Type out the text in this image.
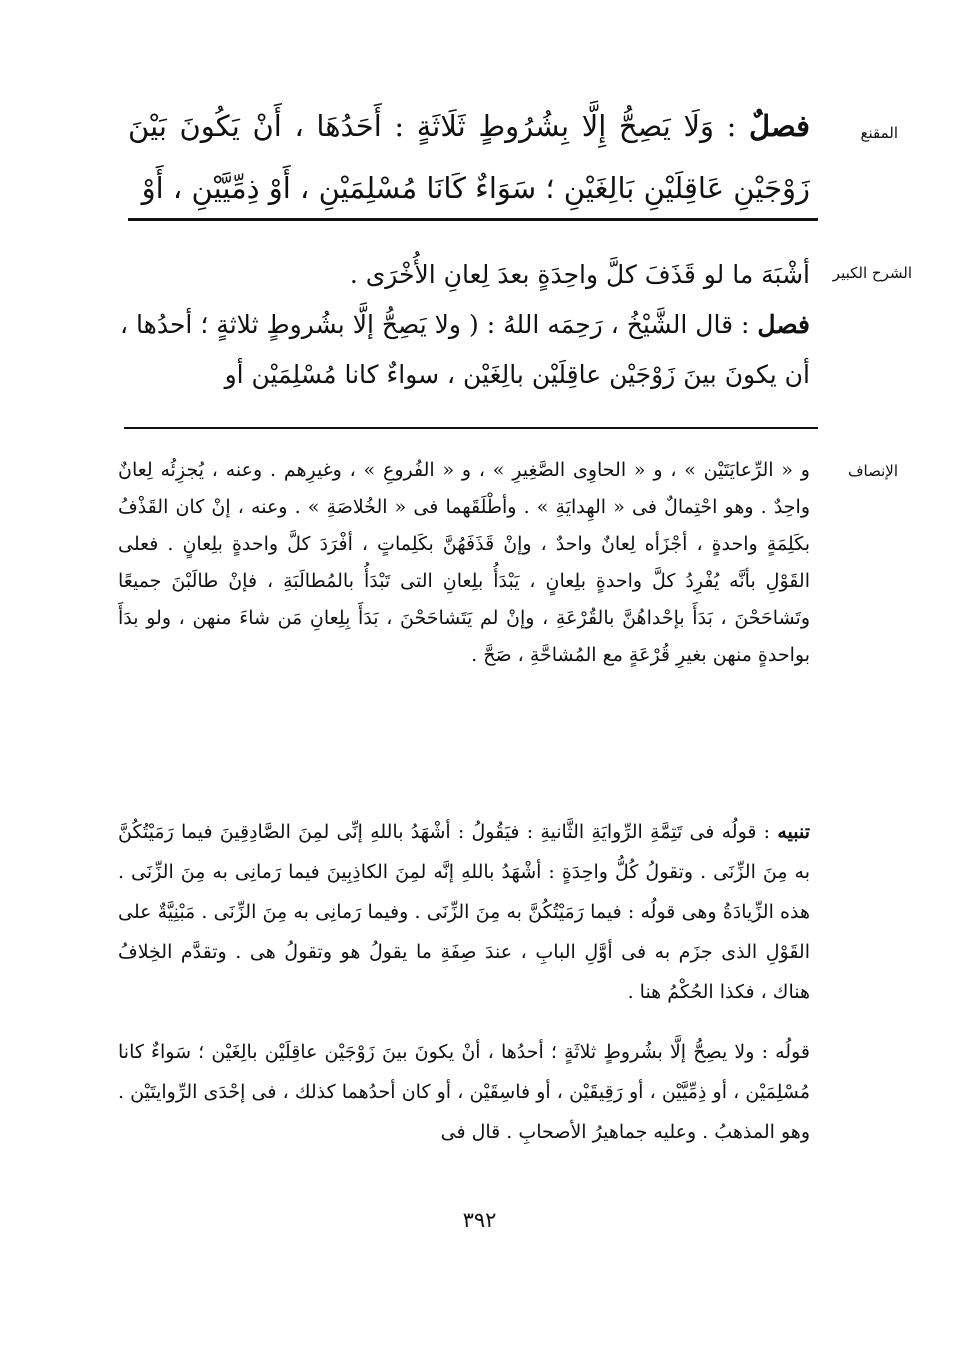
المقنع
الشرح الكبير
الإنصاف

فصلٌ : وَلَا يَصِحُّ إِلَّا بِشُرُوطٍ ثَلَاثَةٍ : أَحَدُهَا ، أَنْ يَكُونَ بَيْنَ زَوْجَيْنِ عَاقِلَيْنِ بَالِغَيْنِ ؛ سَوَاءٌ كَانَا مُسْلِمَيْنِ ، أَوْ ذِمِّيَّيْنِ ، أَوْ

أشْبَهَ ما لو قَذَفَ كلَّ واحِدَةٍ بعدَ لِعانِ الأُخْرَى .

فصل : قال الشَّيْخُ ، رَحِمَه اللهُ : ( ولا يَصِحُّ إلَّا بشُروطٍ ثلاثةٍ ؛ أحدُها ، أن يكونَ بينَ زَوْجَيْن عاقِلَيْن بالِغَيْن ، سواءٌ كانا مُسْلِمَيْن أو

و « الرِّعايَتَيْن » ، و « الحاوِى الصَّغِيرِ » ، و « الفُروعِ » ، وغيرِهم . وعنه ، يُجزِئُه لِعانٌ واحِدٌ . وهو احْتِمالٌ فى « الهِدايَةِ » . وأطْلَقَهما فى « الخُلاصَةِ » . وعنه ، إنْ كان القَذْفُ بكَلِمَةٍ واحدةٍ ، أجْزَأه لِعانٌ واحدٌ ، وإنْ قَذَفَهُنَّ بكَلِماتٍ ، أفْرَدَ كلَّ واحدةٍ بلِعانٍ . فعلى القَوْلِ بأنَّه يُفْرِدُ كلَّ واحدةٍ بلِعانٍ ، يَبْدَأُ بلِعانِ التى تَبْدَأُ بالمُطالَبَةِ ، فإنْ طالَبْنَ جميعًا وتَشاحَحْنَ ، بَدَأَ بإحْداهُنَّ بالقُرْعَةِ ، وإنْ لم يَتَشاحَحْنَ ، بَدَأَ بِلِعانِ مَن شاءَ منهن ، ولو بدَأَ بواحدةٍ منهن بغيرِ قُرْعَةٍ مع المُشاحَّةِ ، صَحَّ .

تنبيه : قولُه فى تَتِمَّةِ الرِّوايَةِ الثَّانيةِ : فيَقُولُ : أشْهَدُ باللهِ إنِّى لمِنَ الصَّادِقِينَ فيما رَمَيْتُكُنَّ به مِنَ الزِّنَى . وتقولُ كُلُّ واحِدَةٍ : أشْهَدُ باللهِ إنَّه لمِنَ الكاذِبِينَ فيما رَمانِى به مِنَ الزِّنَى . هذه الزِّيادَةُ وهى قولُه : فيما رَمَيْتُكُنَّ به مِنَ الزِّنَى . وفيما رَمانِى به مِنَ الزِّنَى . مَبْنِيَّةٌ على القَوْلِ الذى جزَم به فى أوَّلِ البابِ ، عندَ صِفَةِ ما يقولُ هو وتقولُ هى . وتقدَّم الخِلافُ هناك ، فكذا الحُكْمُ هنا .

قولُه : ولا يصِحُّ إلَّا بشُروطٍ ثلاثَةٍ ؛ أحدُها ، أنْ يكونَ بينَ زَوْجَيْن عاقِلَيْن بالِغَيْن ؛ سَواءٌ كانا مُسْلِمَيْن ، أو ذِمِّيَّيْن ، أو رَقِيقَيْن ، أو فاسِقَيْن ، أو كان أحدُهما كذلك ، فى إحْدَى الرِّوايتَيْن . وهو المذهبُ . وعليه جماهيرُ الأصحابِ . قال فى

٣٩٢
